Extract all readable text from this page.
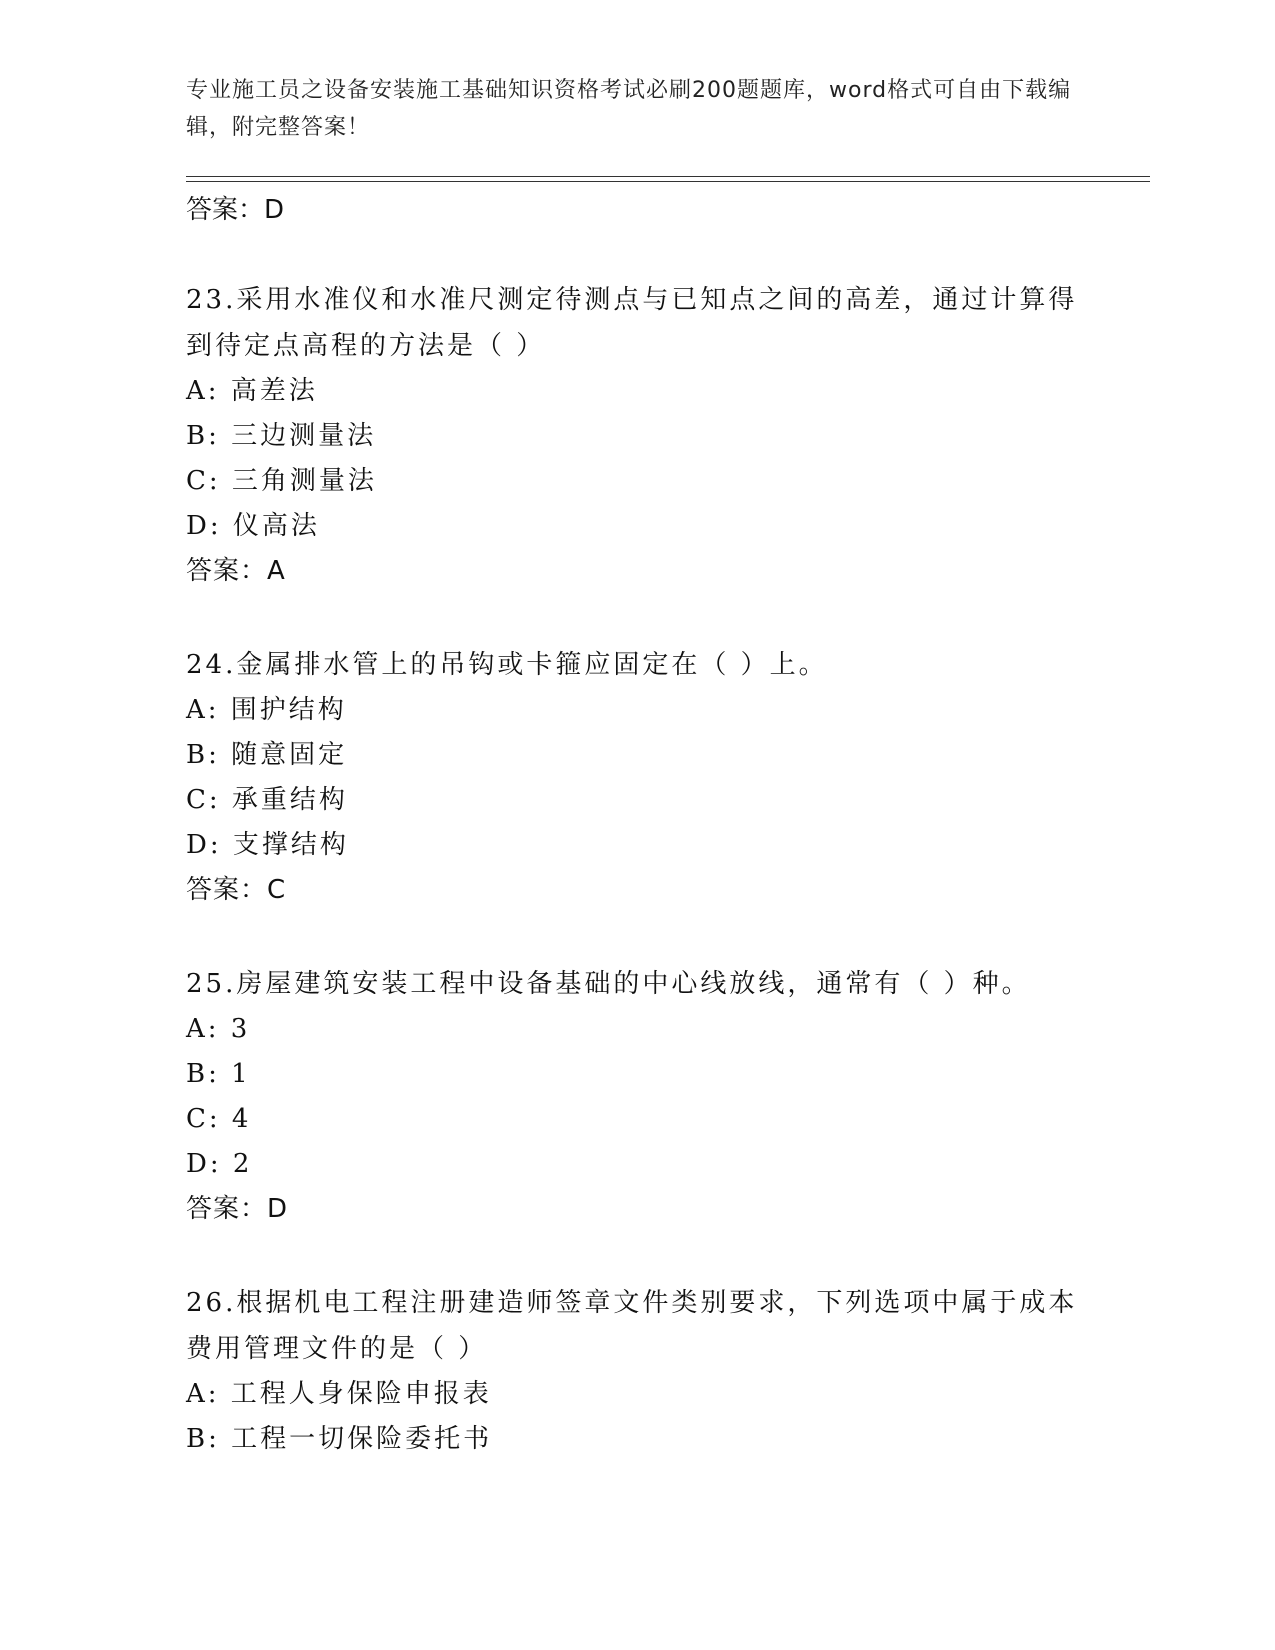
专业施工员之设备安装施工基础知识资格考试必刷200题题库，word格式可自由下载编辑，附完整答案！
答案：D
23.采用水准仪和水准尺测定待测点与已知点之间的高差，通过计算得到待定点高程的方法是（ ）
A: 高差法
B: 三边测量法
C: 三角测量法
D: 仪高法
答案：A
24.金属排水管上的吊钩或卡箍应固定在（ ）上。
A: 围护结构
B: 随意固定
C: 承重结构
D: 支撑结构
答案：C
25.房屋建筑安装工程中设备基础的中心线放线，通常有（ ）种。
A: 3
B: 1
C: 4
D: 2
答案：D
26.根据机电工程注册建造师签章文件类别要求，下列选项中属于成本费用管理文件的是（ ）
A: 工程人身保险申报表
B: 工程一切保险委托书
